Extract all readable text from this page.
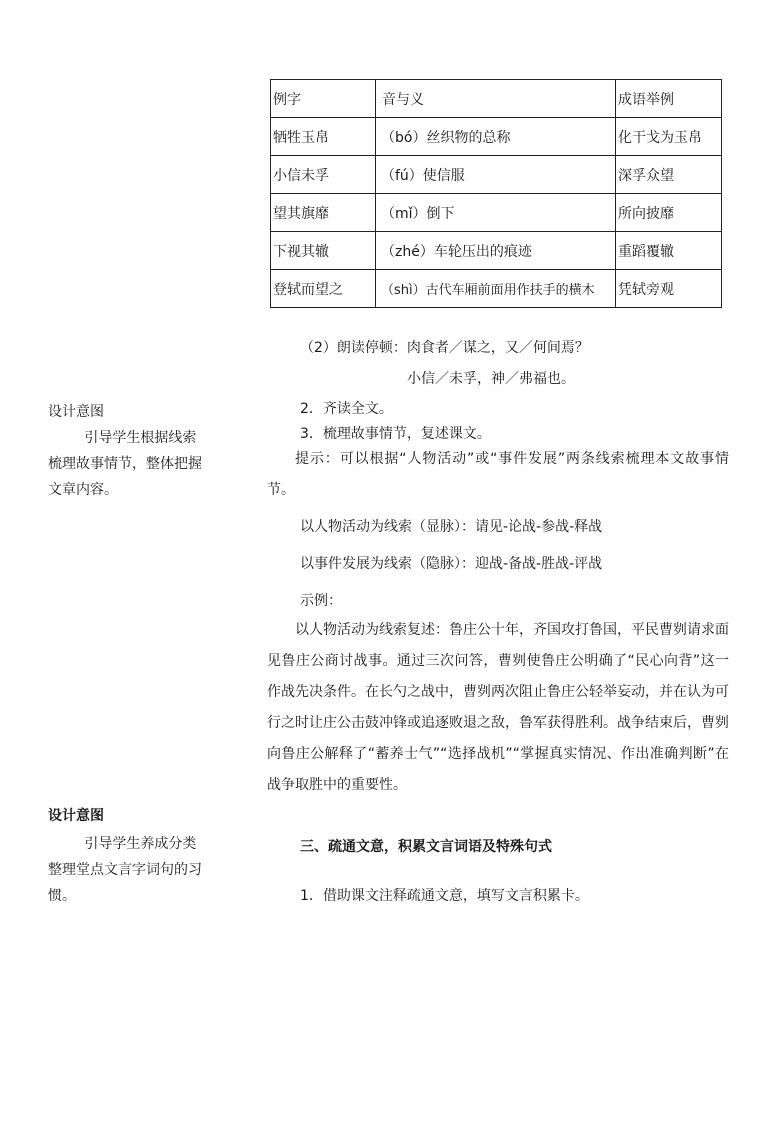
例字	音与义	成语举例
牺牲玉帛	（bó）丝织物的总称	化干戈为玉帛
小信未孚	（fú）使信服	深孚众望
望其旗靡	（mǐ）倒下	所向披靡
下视其辙	（zhé）车轮压出的痕迹	重蹈覆辙
登轼而望之	（shì）古代车厢前面用作扶手的横木	凭轼旁观
（2）朗读停顿：肉食者／谋之，又／何间焉？
小信／未孚，神／弗福也。
2．齐读全文。
3．梳理故事情节，复述课文。
提示：可以根据“人物活动”或“事件发展”两条线索梳理本文故事情节。
以人物活动为线索（显脉）：请见-论战-参战-释战
以事件发展为线索（隐脉）：迎战-备战-胜战-评战
示例：
以人物活动为线索复述：鲁庄公十年，齐国攻打鲁国，平民曹刿请求面见鲁庄公商讨战事。通过三次问答，曹刿使鲁庄公明确了“民心向背”这一作战先决条件。在长勺之战中，曹刿两次阻止鲁庄公轻举妄动，并在认为可行之时让庄公击鼓冲锋或追逐败退之敌，鲁军获得胜利。战争结束后，曹刿向鲁庄公解释了“蓄养士气”“选择战机”“掌握真实情况、作出准确判断”在战争取胜中的重要性。
三、疏通文意，积累文言词语及特殊句式
1．借助课文注释疏通文意，填写文言积累卡。
设计意图
引导学生根据线索梳理故事情节，整体把握文章内容。
设计意图
引导学生养成分类整理堂点文言字词句的习惯。
